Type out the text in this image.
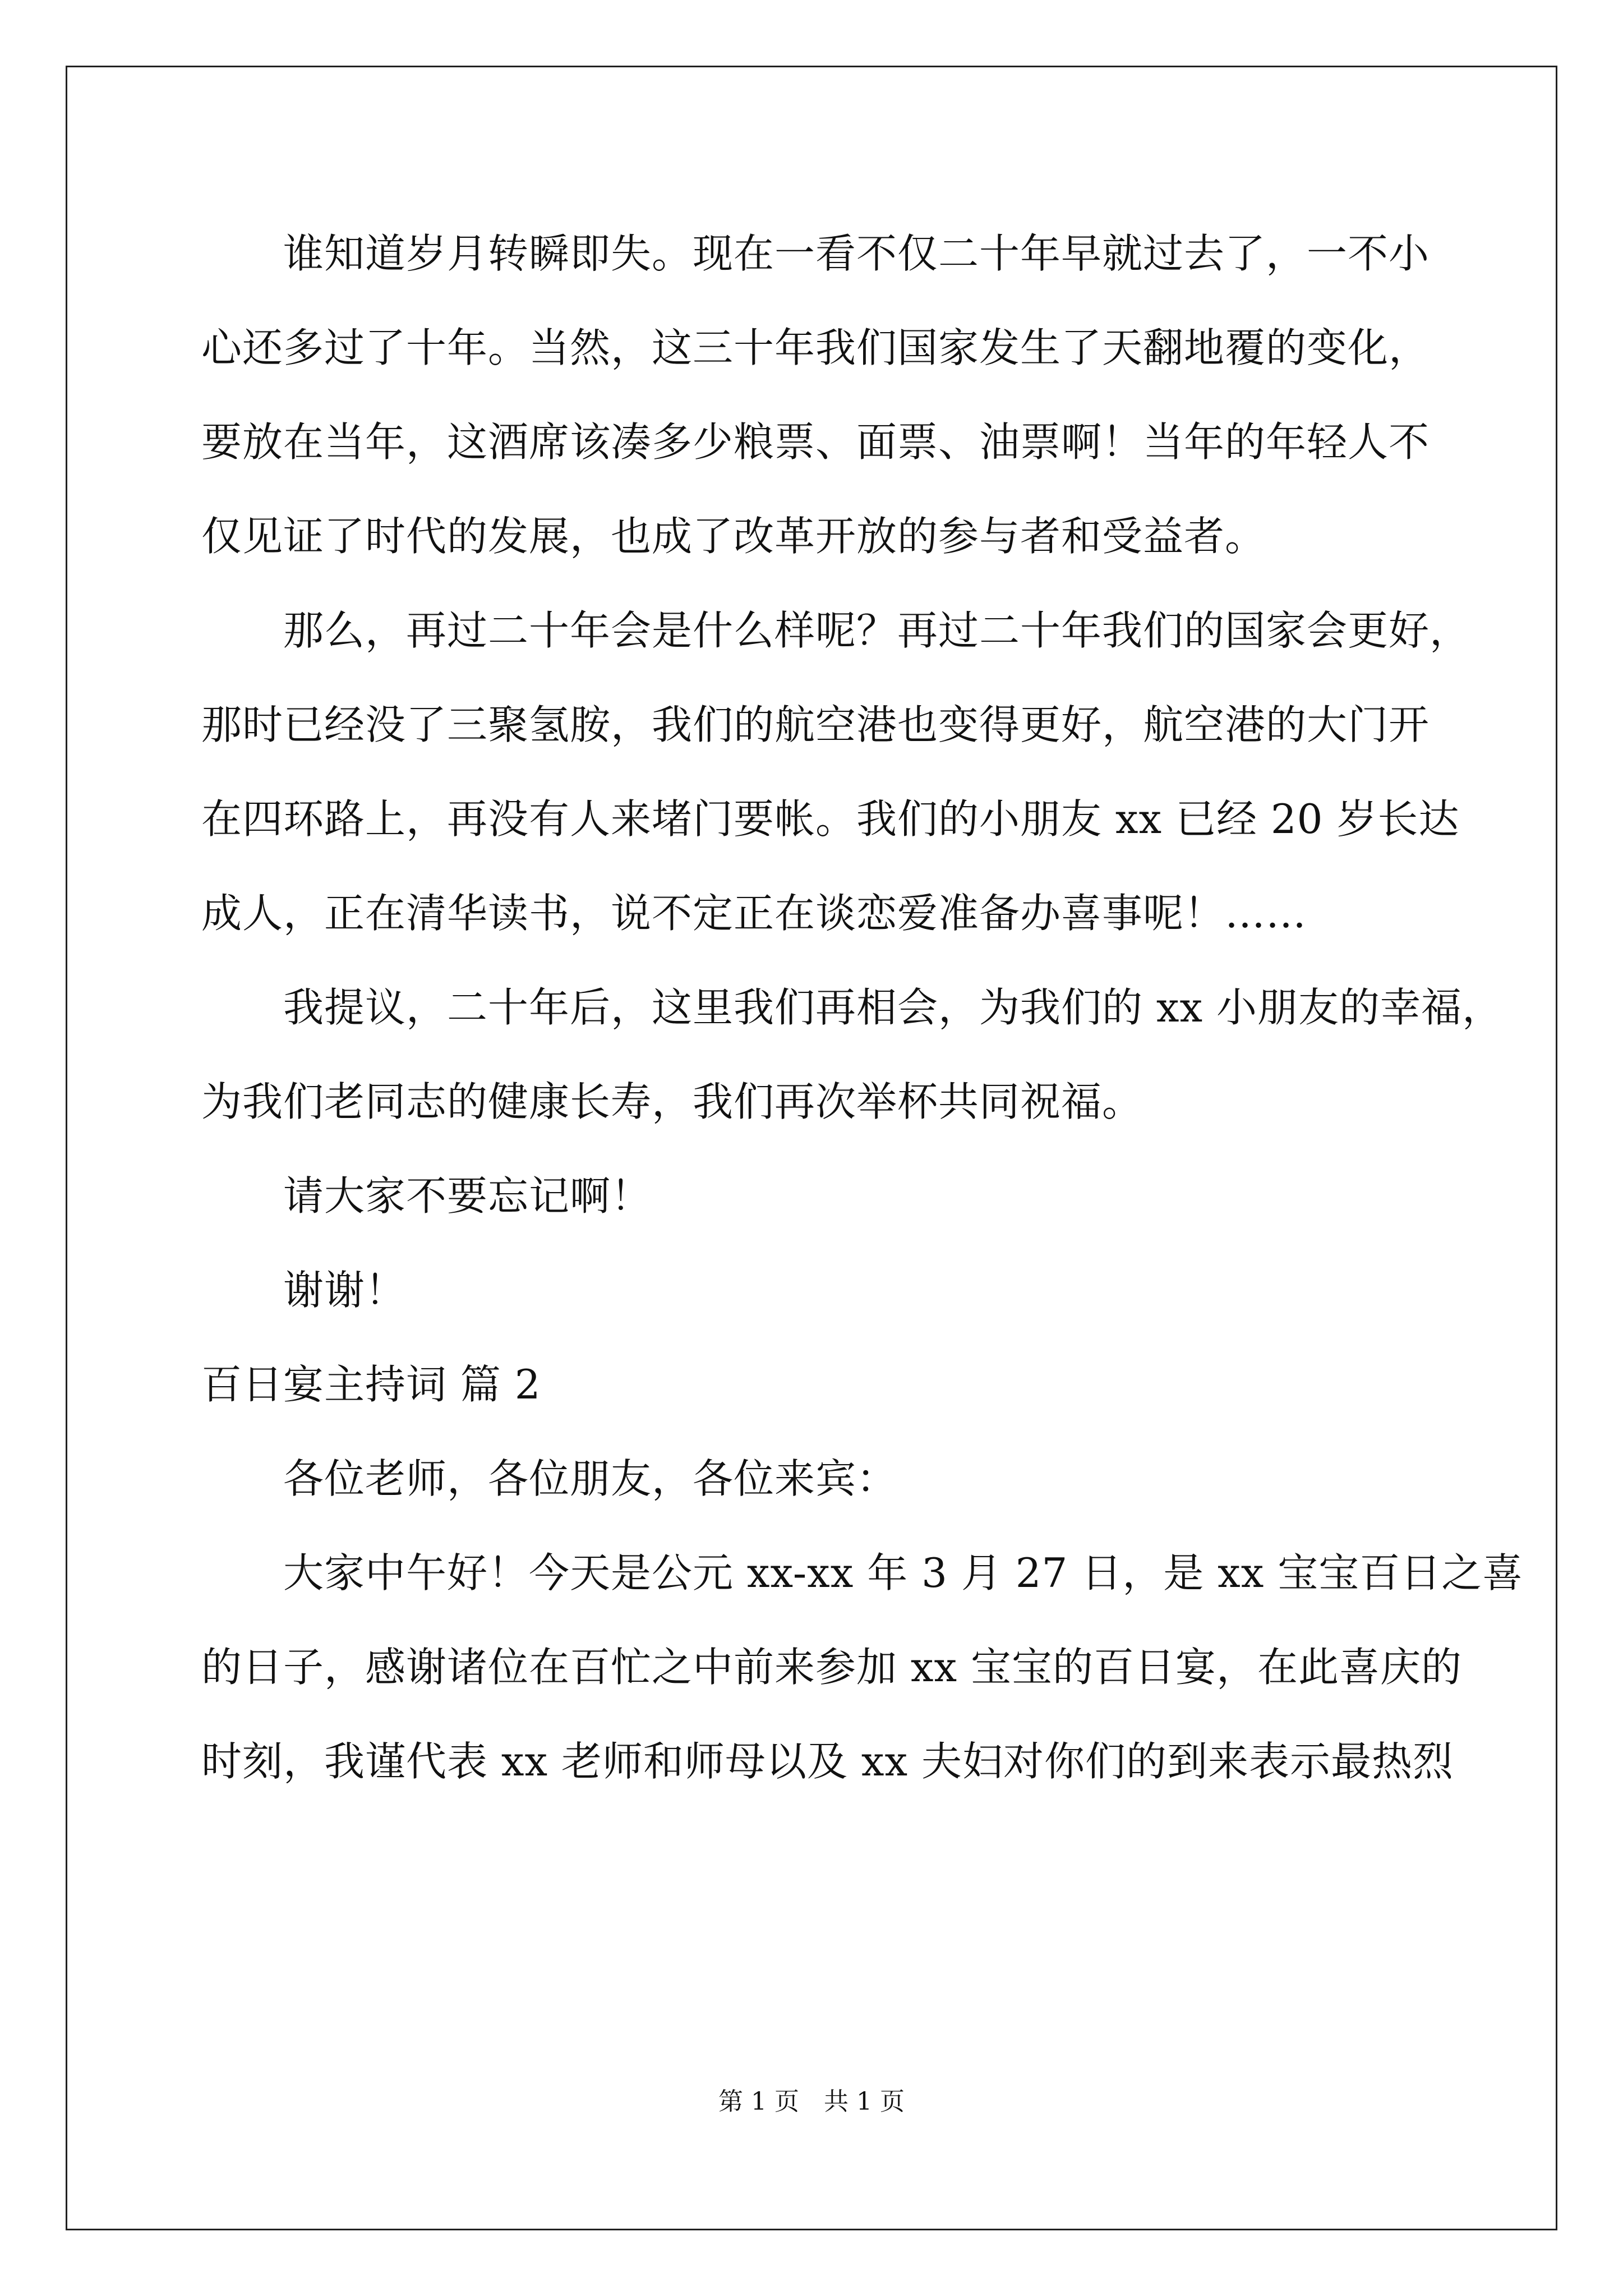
谁知道岁月转瞬即失。现在一看不仅二十年早就过去了，一不小
心还多过了十年。当然，这三十年我们国家发生了天翻地覆的变化，
要放在当年，这酒席该凑多少粮票、面票、油票啊！当年的年轻人不
仅见证了时代的发展，也成了改革开放的参与者和受益者。
那么，再过二十年会是什么样呢？再过二十年我们的国家会更好，
那时已经没了三聚氢胺，我们的航空港也变得更好，航空港的大门开
在四环路上，再没有人来堵门要帐。我们的小朋友 xx 已经 20 岁长达
成人，正在清华读书，说不定正在谈恋爱准备办喜事呢！……
我提议，二十年后，这里我们再相会，为我们的 xx 小朋友的幸福，
为我们老同志的健康长寿，我们再次举杯共同祝福。
请大家不要忘记啊！
谢谢！
百日宴主持词 篇 2
各位老师，各位朋友，各位来宾：
大家中午好！今天是公元 xx-xx 年 3 月 27 日，是 xx 宝宝百日之喜
的日子，感谢诸位在百忙之中前来参加 xx 宝宝的百日宴，在此喜庆的
时刻，我谨代表 xx 老师和师母以及 xx 夫妇对你们的到来表示最热烈
第 1 页　共 1 页
